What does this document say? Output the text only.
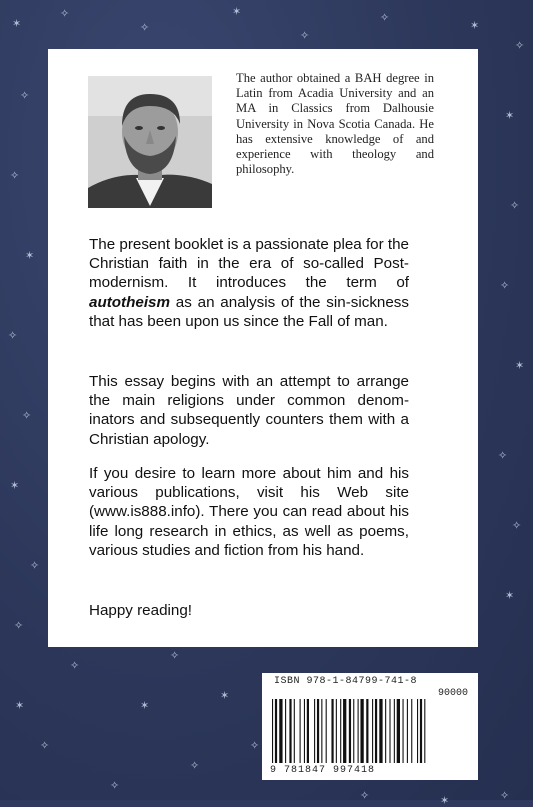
✶
✧
✧
✶
✧
✧
✶
✧
✧
✶
✧
✧
✶
✧
✧
✶
✧
✧
✶
✧
✧
✶
✧
✧
✶
✧
✧
✶
✧
✧
✶
✧
✧	✶
✧
The author obtained a BAH degree in Latin from Acadia University and an MA in Classics from Dalhousie University in Nova Scotia Canada. He has extensive knowledge of and experience with theology and philosophy.
The present booklet is a passionate plea for the Christian faith in the era of so-called Post-modernism. It introduces the term of autotheism as an analysis of the sin-sickness that has been upon us since the Fall of man.
This essay begins with an attempt to arrange the main religions under common denom-inators and subsequently counters them with a Christian apology.
If you desire to learn more about him and his various publications, visit his Web site (www.is888.info). There you can read about his life long research in ethics, as well as poems, various studies and fiction from his hand.
Happy reading!
ISBN 978-1-84799-741-8
90000
9 781847 997418
